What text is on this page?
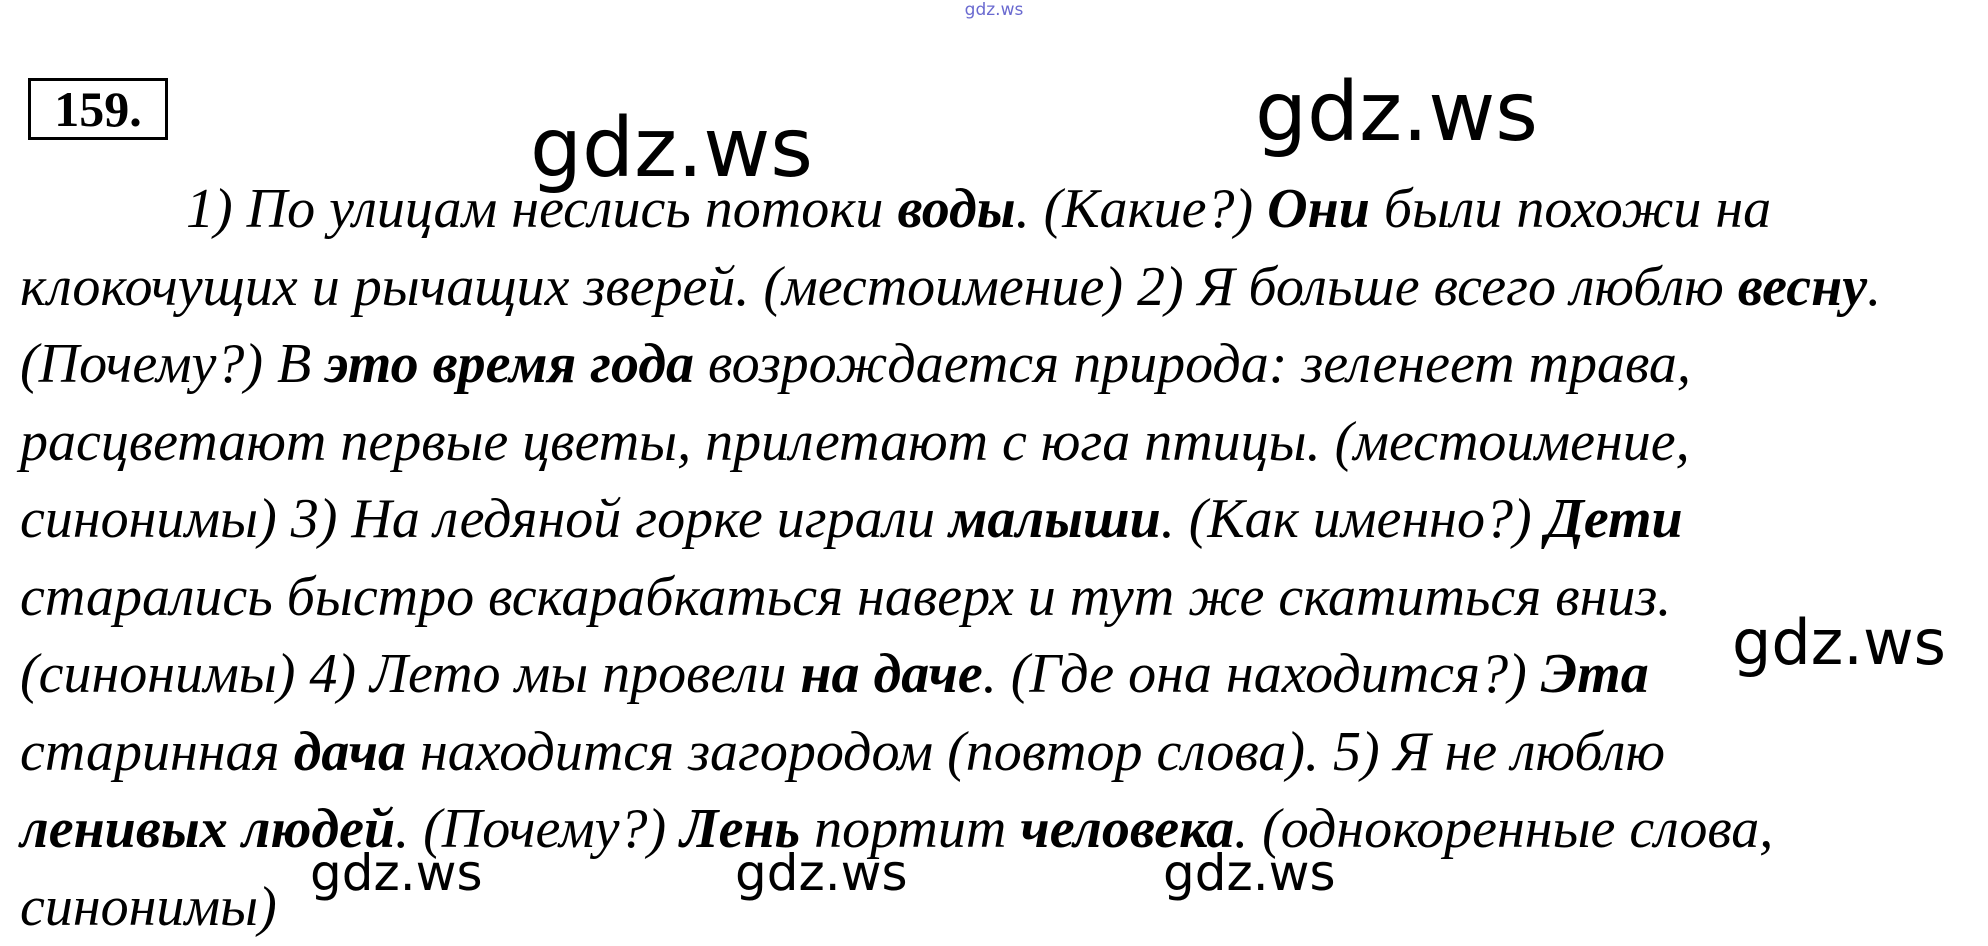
gdz.ws
159.
1) По улицам неслись потоки воды. (Какие?) Они были похожи на
клокочущих и рычащих зверей. (местоимение) 2) Я больше всего люблю весну.
(Почему?) В это время года возрождается природа: зеленеет трава,
расцветают первые цветы, прилетают с юга птицы. (местоимение,
синонимы) 3) На ледяной горке играли малыши. (Как именно?) Дети
старались быстро вскарабкаться наверх и тут же скатиться вниз.
(синонимы) 4) Лето мы провели на даче. (Где она находится?) Эта
старинная дача находится загородом (повтор слова). 5) Я не люблю
ленивых людей. (Почему?) Лень портит человека. (однокоренные слова,
синонимы)
gdz.ws
gdz.ws
gdz.ws
gdz.ws	gdz.ws	gdz.ws
